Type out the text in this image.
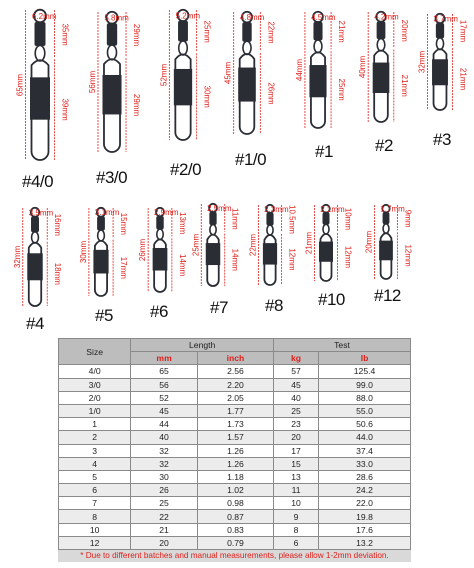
6.2mm
65mm
35mm
39mm
5.8mm
56mm
29mm
29mm
5.2mm
52mm
25mm
30mm
4.8mm
45mm
22mm
26mm
4.5mm
44mm
21mm
25mm
4.2mm
40mm
20mm
21mm
3.7mm
32mm
17mm
21mm
3.5mm
32mm
16mm
18mm
3.1mm
30mm
15mm
17mm
2.9mm
26mm
13mm
14mm
2.5mm
25mm
11mm
14mm
2.3mm
22mm
10.5mm
12mm
2.1mm
21mm
10mm
12mm
1.7mm
20mm
9mm
12mm
#4/0	#3/0	#2/0
#1/0	#1 #2 #3
#4	#5 #6 #7 #8 #10 #12
Size	Length		Test	
	mm	inch	kg	lb
4/0	65	2.56	57	125.4
3/0	56	2.20	45	99.0
2/0	52	2.05	40	88.0
1/0	45	1.77	25	55.0
1	44	1.73	23	50.6
2	40	1.57	20	44.0
3	32	1.26	17	37.4
4	32	1.26	15	33.0
5	30	1.18	13	28.6
6	26	1.02	11	24.2
7	25	0.98	10	22.0
8	22	0.87	9	19.8
10	21	0.83	8	17.6
12	20	0.79	6	13.2
* Due to different batches and manual measurements, please allow 1-2mm deviation.
